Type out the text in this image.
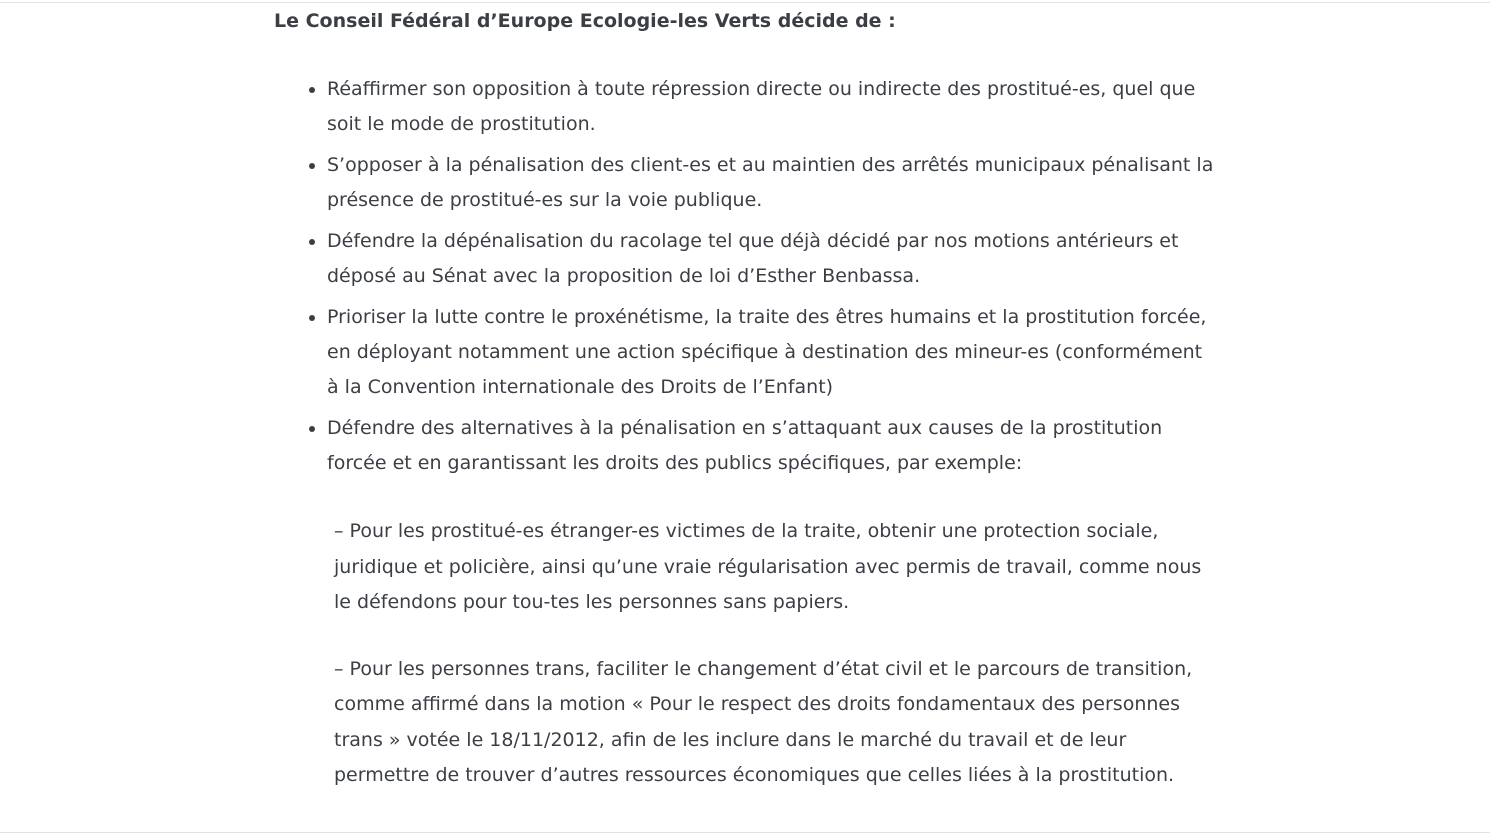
Le Conseil Fédéral d’Europe Ecologie-les Verts décide de :

• Réaffirmer son opposition à toute répression directe ou indirecte des prostitué-es, quel que soit le mode de prostitution.
• S’opposer à la pénalisation des client-es et au maintien des arrêtés municipaux pénalisant la présence de prostitué-es sur la voie publique.
• Défendre la dépénalisation du racolage tel que déjà décidé par nos motions antérieurs et déposé au Sénat avec la proposition de loi d’Esther Benbassa.
• Prioriser la lutte contre le proxénétisme, la traite des êtres humains et la prostitution forcée, en déployant notamment une action spécifique à destination des mineur-es (conformément à la Convention internationale des Droits de l’Enfant)
• Défendre des alternatives à la pénalisation en s’attaquant aux causes de la prostitution forcée et en garantissant les droits des publics spécifiques, par exemple:

– Pour les prostitué-es étranger-es victimes de la traite, obtenir une protection sociale, juridique et policière, ainsi qu’une vraie régularisation avec permis de travail, comme nous le défendons pour tou-tes les personnes sans papiers.

– Pour les personnes trans, faciliter le changement d’état civil et le parcours de transition, comme affirmé dans la motion « Pour le respect des droits fondamentaux des personnes trans » votée le 18/11/2012, afin de les inclure dans le marché du travail et de leur permettre de trouver d’autres ressources économiques que celles liées à la prostitution.
